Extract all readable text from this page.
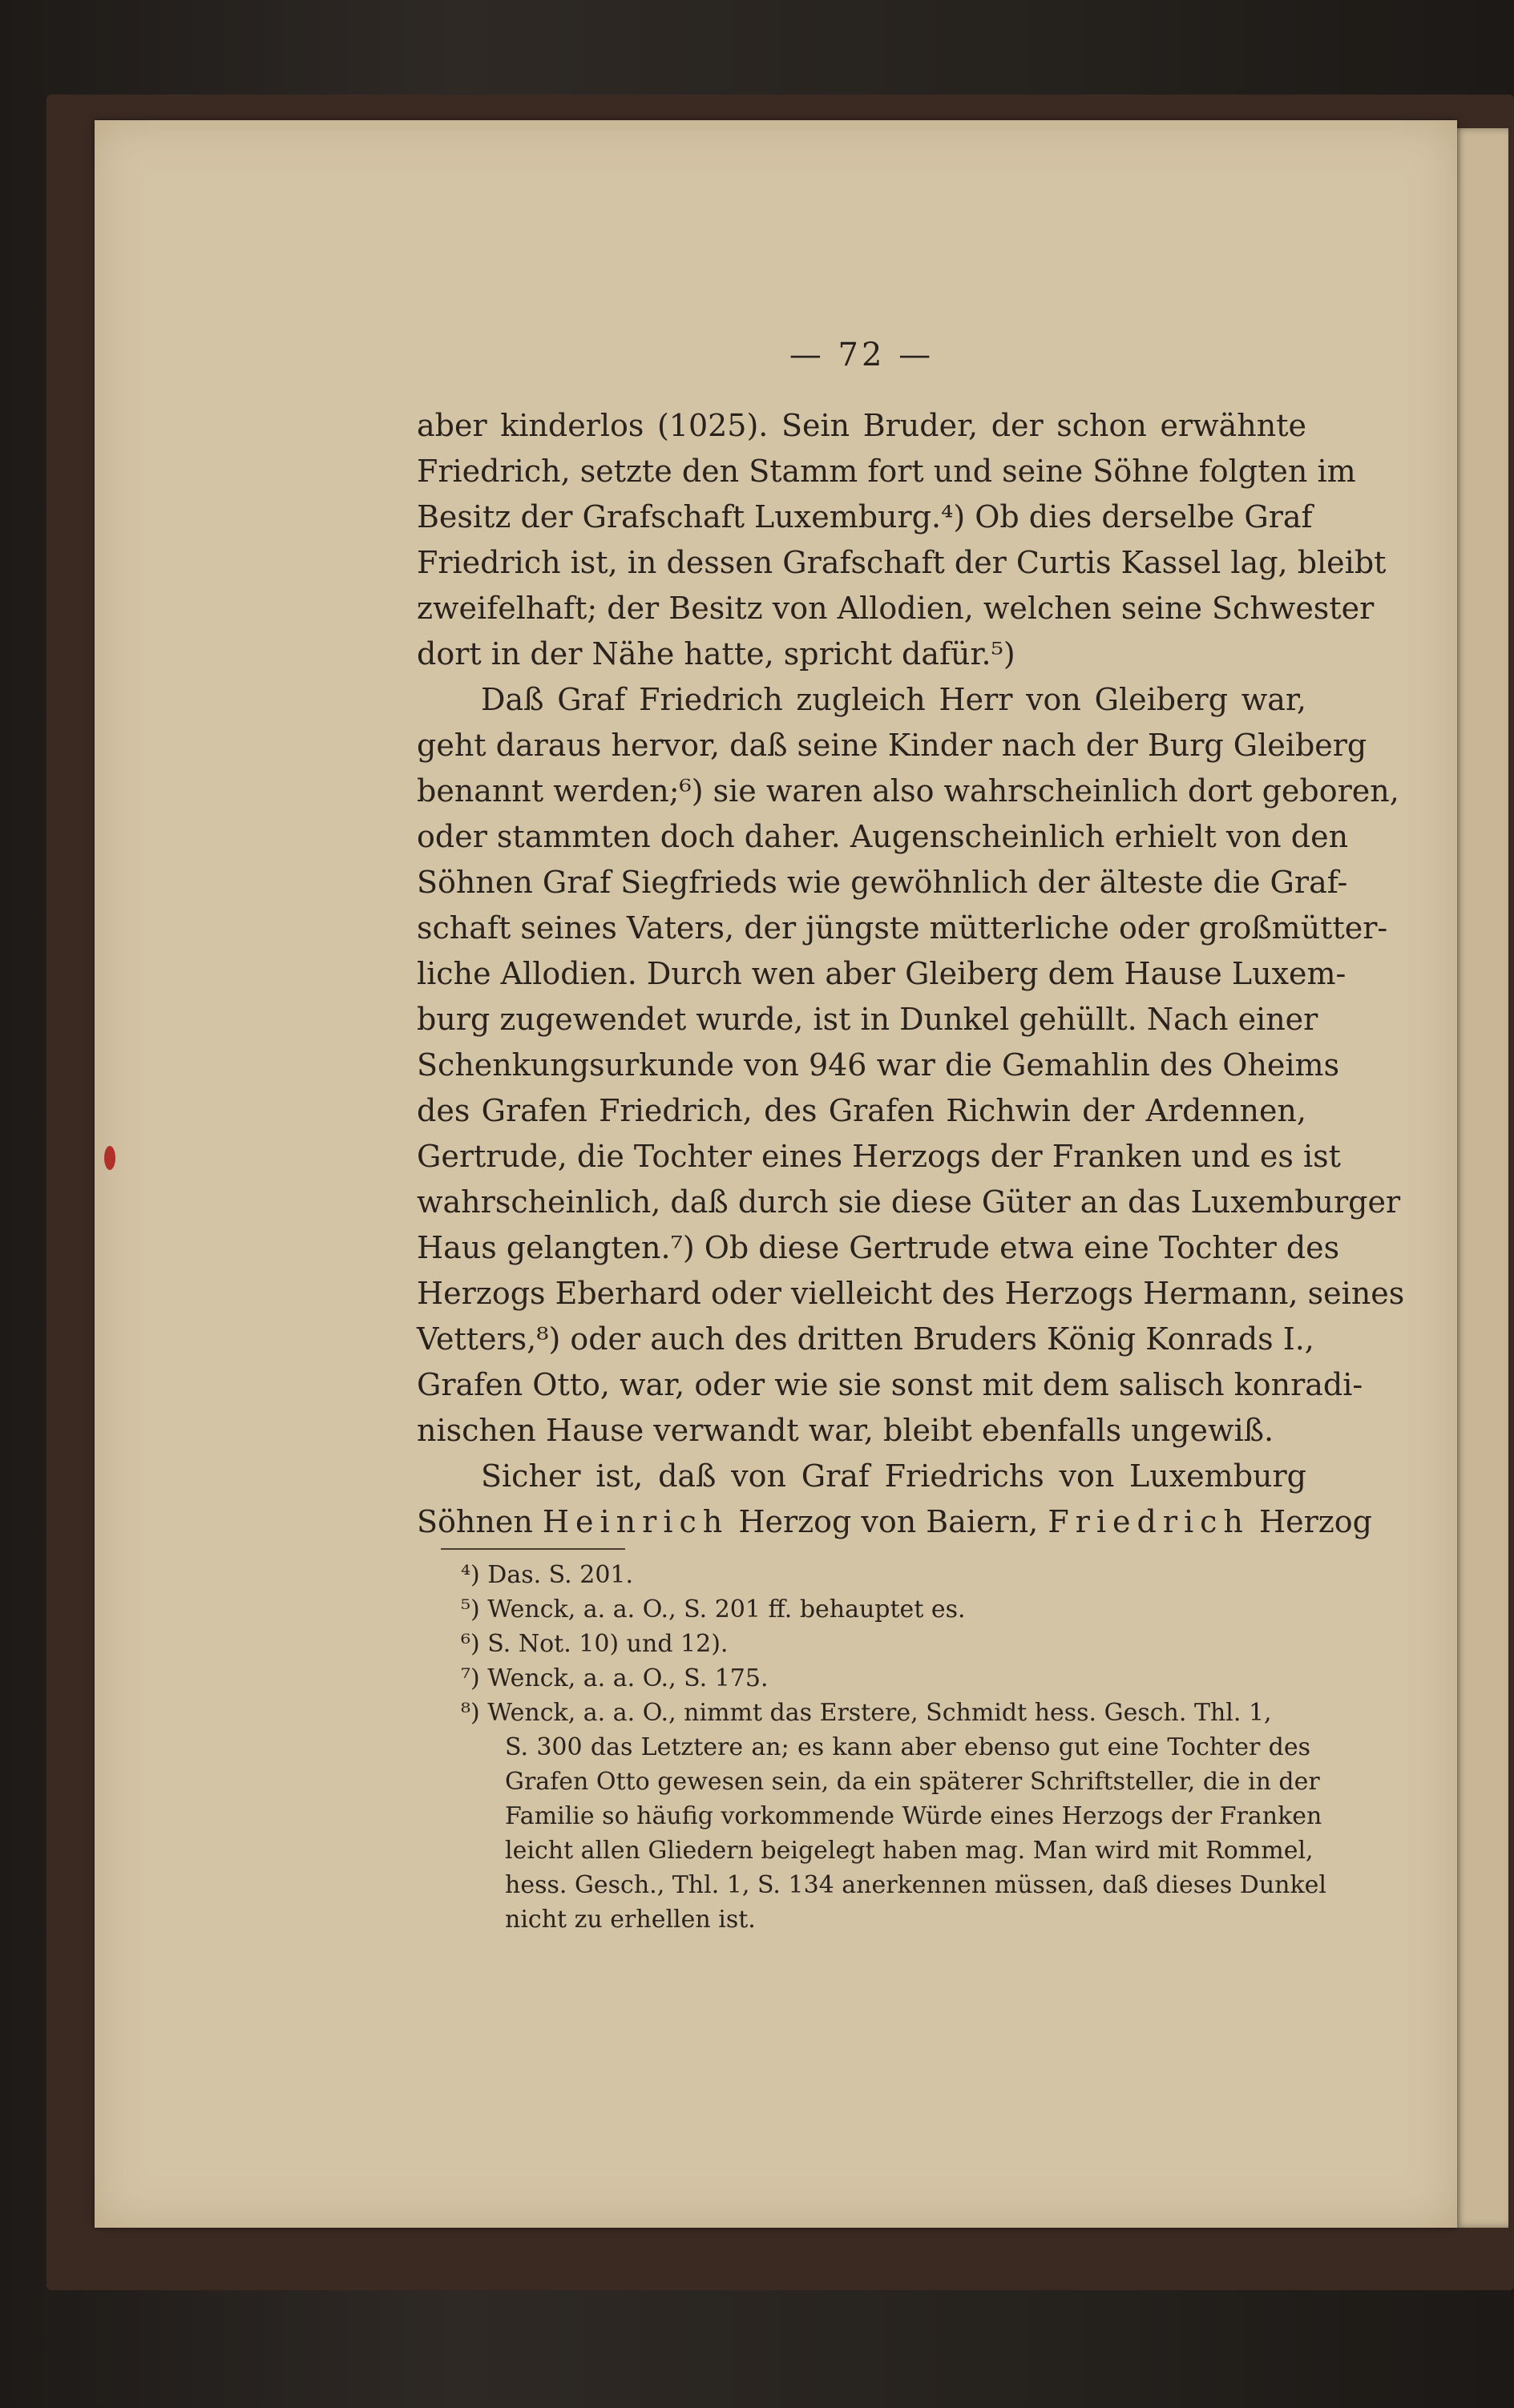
— 72 —
aber kinderlos (1025). Sein Bruder, der schon erwähnte
Friedrich, setzte den Stamm fort und seine Söhne folgten im
Besitz der Grafschaft Luxemburg.⁴) Ob dies derselbe Graf
Friedrich ist, in dessen Grafschaft der Curtis Kassel lag, bleibt
zweifelhaft; der Besitz von Allodien, welchen seine Schwester
dort in der Nähe hatte, spricht dafür.⁵)
Daß Graf Friedrich zugleich Herr von Gleiberg war,
geht daraus hervor, daß seine Kinder nach der Burg Gleiberg
benannt werden;⁶) sie waren also wahrscheinlich dort geboren,
oder stammten doch daher. Augenscheinlich erhielt von den
Söhnen Graf Siegfrieds wie gewöhnlich der älteste die Graf-
schaft seines Vaters, der jüngste mütterliche oder großmütter-
liche Allodien. Durch wen aber Gleiberg dem Hause Luxem-
burg zugewendet wurde, ist in Dunkel gehüllt. Nach einer
Schenkungsurkunde von 946 war die Gemahlin des Oheims
des Grafen Friedrich, des Grafen Richwin der Ardennen,
Gertrude, die Tochter eines Herzogs der Franken und es ist
wahrscheinlich, daß durch sie diese Güter an das Luxemburger
Haus gelangten.⁷) Ob diese Gertrude etwa eine Tochter des
Herzogs Eberhard oder vielleicht des Herzogs Hermann, seines
Vetters,⁸) oder auch des dritten Bruders König Konrads I.,
Grafen Otto, war, oder wie sie sonst mit dem salisch konradi-
nischen Hause verwandt war, bleibt ebenfalls ungewiß.
Sicher ist, daß von Graf Friedrichs von Luxemburg
Söhnen Heinrich Herzog von Baiern, Friedrich Herzog
⁴) Das. S. 201.
⁵) Wenck, a. a. O., S. 201 ff. behauptet es.
⁶) S. Not. 10) und 12).
⁷) Wenck, a. a. O., S. 175.
⁸) Wenck, a. a. O., nimmt das Erstere, Schmidt hess. Gesch. Thl. 1,
S. 300 das Letztere an; es kann aber ebenso gut eine Tochter des
Grafen Otto gewesen sein, da ein späterer Schriftsteller, die in der
Familie so häufig vorkommende Würde eines Herzogs der Franken
leicht allen Gliedern beigelegt haben mag. Man wird mit Rommel,
hess. Gesch., Thl. 1, S. 134 anerkennen müssen, daß dieses Dunkel
nicht zu erhellen ist.
